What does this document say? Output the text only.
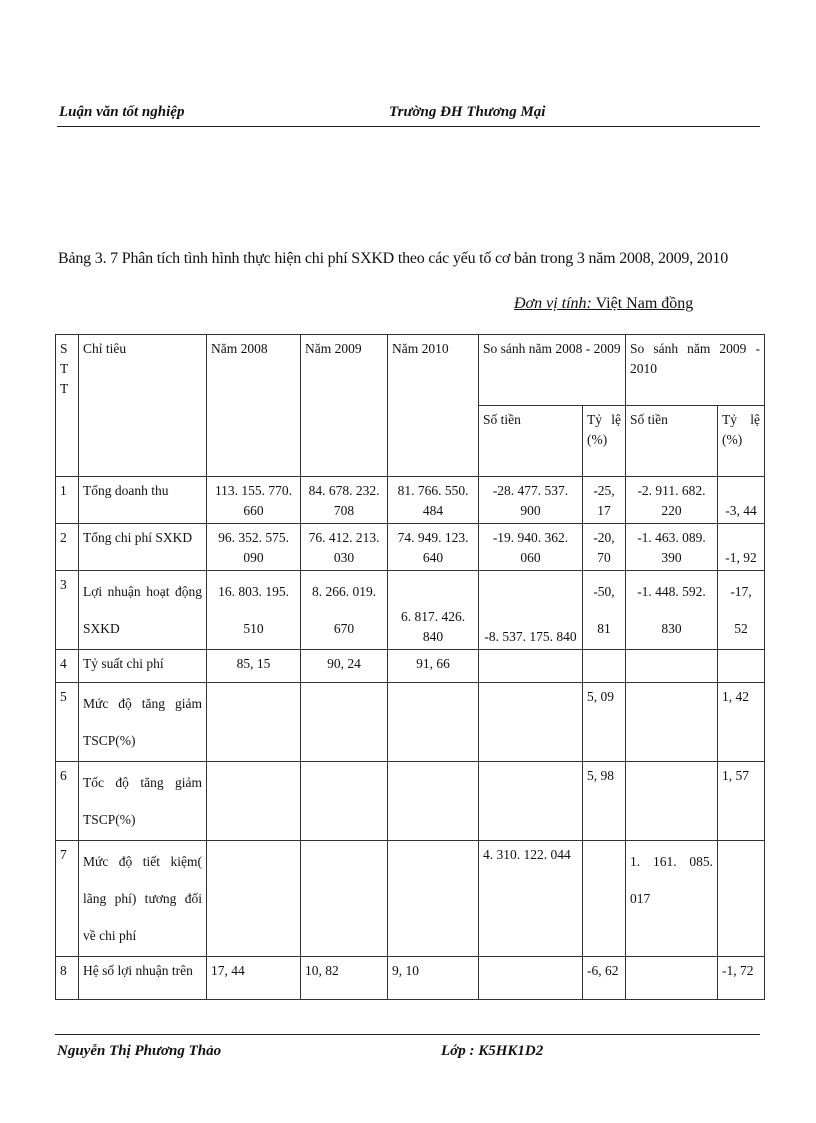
Luận văn tốt nghiệp	Trường ĐH Thương Mại
Bảng 3. 7 Phân tích tình hình thực hiện chi phí SXKD theo các yếu tố cơ bản trong 3 năm 2008, 2009, 2010
Đơn vị tính: Việt Nam đồng
S
T
T	Chỉ tiêu	Năm 2008	Năm 2009	Năm 2010	So sánh năm 2008 - 2009		So sánh năm 2009 - 2010	
					Số tiền	Tỷ lệ (%)	Số tiền	Tỷ lệ (%)
1	Tổng doanh thu	113. 155. 770. 660	84. 678. 232. 708	81. 766. 550. 484	-28. 477. 537. 900	-25, 17	-2. 911. 682. 220	-3, 44
2	Tổng chi phí SXKD	96. 352. 575. 090	76. 412. 213. 030	74. 949. 123. 640	-19. 940. 362. 060	-20, 70	-1. 463. 089. 390	-1, 92
3	Lợi nhuận hoạt động SXKD	16. 803. 195. 510	8. 266. 019. 670	6. 817. 426. 840	-8. 537. 175. 840	-50, 81	-1. 448. 592. 830	-17, 52
4	Tỷ suất chi phí	85, 15	90, 24	91, 66				
5	Mức độ tăng giảm TSCP(%)					5, 09		1, 42
6	Tốc độ tăng giảm TSCP(%)					5, 98		1, 57
7	Mức độ tiết kiệm( lãng phí) tương đối về chi phí				4. 310. 122. 044		1. 161. 085. 017	
8	Hệ số lợi nhuận trên	17, 44	10, 82	9, 10		-6, 62		-1, 72
Nguyễn Thị Phương Thảo	Lớp : K5HK1D2
